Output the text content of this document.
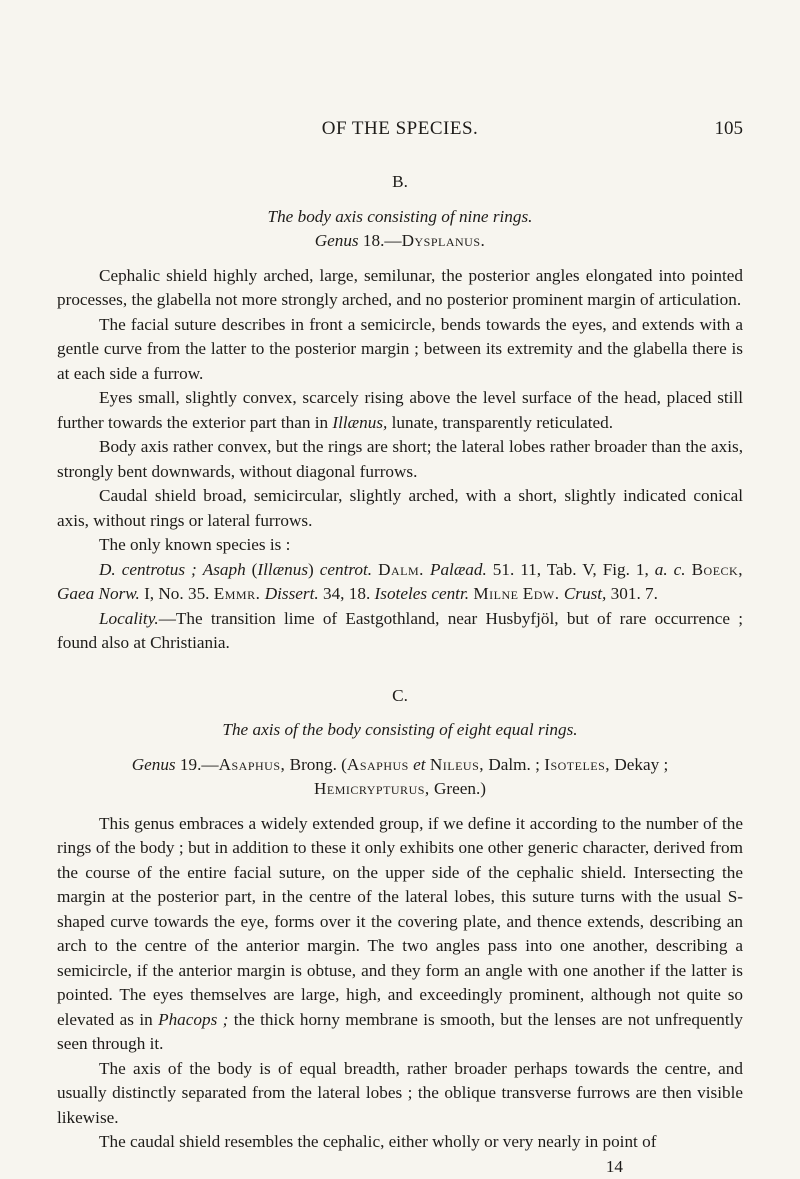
OF THE SPECIES.	105

B.

The body axis consisting of nine rings.

Genus 18.—Dysplanus.

Cephalic shield highly arched, large, semilunar, the posterior angles elongated into pointed processes, the glabella not more strongly arched, and no posterior prominent margin of articulation.

The facial suture describes in front a semicircle, bends towards the eyes, and extends with a gentle curve from the latter to the posterior margin ; between its extremity and the glabella there is at each side a furrow.

Eyes small, slightly convex, scarcely rising above the level surface of the head, placed still further towards the exterior part than in Illænus, lunate, transparently reticulated.

Body axis rather convex, but the rings are short; the lateral lobes rather broader than the axis, strongly bent downwards, without diagonal furrows.

Caudal shield broad, semicircular, slightly arched, with a short, slightly indicated conical axis, without rings or lateral furrows.

The only known species is :

D. centrotus ; Asaph (Illænus) centrot. Dalm. Palæad. 51. 11, Tab. V, Fig. 1, a. c. Boeck, Gaea Norw. I, No. 35. Emmr. Dissert. 34, 18. Isoteles centr. Milne Edw. Crust, 301. 7.

Locality.—The transition lime of Eastgothland, near Husbyfjöl, but of rare occurrence ; found also at Christiania.

C.

The axis of the body consisting of eight equal rings.

Genus 19.—Asaphus, Brong. (Asaphus et Nileus, Dalm. ; Isoteles, Dekay ;
Hemicrypturus, Green.)

This genus embraces a widely extended group, if we define it according to the number of the rings of the body ; but in addition to these it only exhibits one other generic character, derived from the course of the entire facial suture, on the upper side of the cephalic shield. Intersecting the margin at the posterior part, in the centre of the lateral lobes, this suture turns with the usual S-shaped curve towards the eye, forms over it the covering plate, and thence extends, describing an arch to the centre of the anterior margin. The two angles pass into one another, describing a semicircle, if the anterior margin is obtuse, and they form an angle with one another if the latter is pointed. The eyes themselves are large, high, and exceedingly prominent, although not quite so elevated as in Phacops ; the thick horny membrane is smooth, but the lenses are not unfrequently seen through it.

The axis of the body is of equal breadth, rather broader perhaps towards the centre, and usually distinctly separated from the lateral lobes ; the oblique transverse furrows are then visible likewise.

The caudal shield resembles the cephalic, either wholly or very nearly in point of

14
